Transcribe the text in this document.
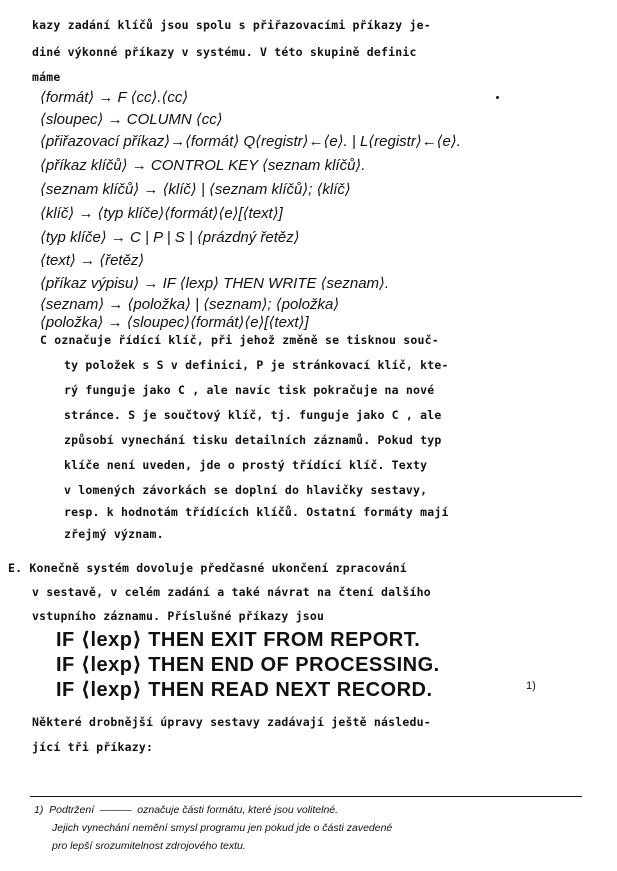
kazy zadání klíčů jsou spolu s přiřazovacími příkazy je-
diné výkonné příkazy v systému. V této skupině definic
máme
⟨formát⟩ → F ⟨cc⟩.⟨cc⟩
⟨sloupec⟩ → COLUMN ⟨cc⟩
⟨přiřazovací příkaz⟩→⟨formát⟩ Q⟨registr⟩←⟨e⟩. | L⟨registr⟩←⟨e⟩.
⟨příkaz klíčů⟩ → CONTROL KEY ⟨seznam klíčů⟩.
⟨seznam klíčů⟩ → ⟨klíč⟩ | ⟨seznam klíčů⟩; ⟨klíč⟩
⟨klíč⟩ → ⟨typ klíče⟩⟨formát⟩⟨e⟩[⟨text⟩]
⟨typ klíče⟩ → C | P | S | ⟨prázdný řetěz⟩
⟨text⟩ → ⟨řetěz⟩
⟨příkaz výpisu⟩ → IF ⟨lexp⟩ THEN WRITE ⟨seznam⟩.
⟨seznam⟩ → ⟨položka⟩ | ⟨seznam⟩; ⟨položka⟩
⟨položka⟩ → ⟨sloupec⟩⟨formát⟩⟨e⟩[⟨text⟩]
C označuje řídící klíč, při jehož změně se tisknou souč-
ty položek s S v definici, P je stránkovací klíč, kte-
rý funguje jako C , ale navíc tisk pokračuje na nové
stránce. S je součtový klíč, tj. funguje jako C , ale
způsobí vynechání tisku detailních záznamů. Pokud typ
klíče není uveden, jde o prostý třídící klíč. Texty
v lomených závorkách se doplní do hlavičky sestavy,
resp. k hodnotám třídících klíčů. Ostatní formáty mají
zřejmý význam.
E. Konečně systém dovoluje předčasné ukončení zpracování
v sestavě, v celém zadání a také návrat na čtení dalšího
vstupního záznamu. Příslušné příkazy jsou
IF ⟨lexp⟩ THEN EXIT FROM REPORT.
IF ⟨lexp⟩ THEN END OF PROCESSING.
IF ⟨lexp⟩ THEN READ NEXT RECORD.	1)
Některé drobnější úpravy sestavy zadávají ještě následu-
jící tři příkazy:
1)  Podtržení  ———  označuje části formátu, které jsou volitelné.
Jejich vynechání nemění smysl programu jen pokud jde o části zavedené
pro lepší srozumitelnost zdrojového textu.
